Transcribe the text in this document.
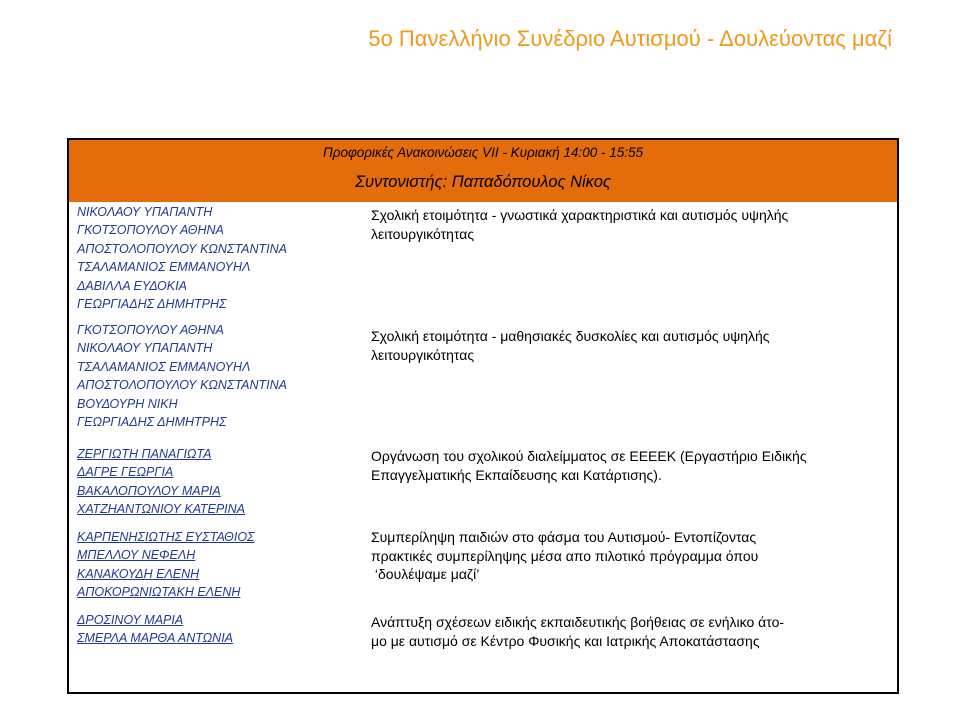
5ο Πανελλήνιο Συνέδριο Αυτισμού - Δουλεύοντας μαζί
Προφορικές Ανακοινώσεις VII - Κυριακή 14:00 - 15:55
Συντονιστής: Παπαδόπουλος Νίκος
ΝΙΚΟΛΑΟΥ ΥΠΑΠΑΝΤΗ
ΓΚΟΤΣΟΠΟΥΛΟΥ ΑΘΗΝΑ
ΑΠΟΣΤΟΛΟΠΟΥΛΟΥ ΚΩΝΣΤΑΝΤΙΝΑ
ΤΣΑΛΑΜΑΝΙΟΣ ΕΜΜΑΝΟΥΗΛ
ΔΑΒΙΛΛΑ ΕΥΔΟΚΙΑ
ΓΕΩΡΓΙΑΔΗΣ ΔΗΜΗΤΡΗΣ
Σχολική ετοιμότητα - γνωστικά χαρακτηριστικά και αυτισμός υψηλής
λειτουργικότητας
ΓΚΟΤΣΟΠΟΥΛΟΥ ΑΘΗΝΑ
ΝΙΚΟΛΑΟΥ ΥΠΑΠΑΝΤΗ
ΤΣΑΛΑΜΑΝΙΟΣ ΕΜΜΑΝΟΥΗΛ
ΑΠΟΣΤΟΛΟΠΟΥΛΟΥ ΚΩΝΣΤΑΝΤΙΝΑ
ΒΟΥΔΟΥΡΗ ΝΙΚΗ
ΓΕΩΡΓΙΑΔΗΣ ΔΗΜΗΤΡΗΣ
Σχολική ετοιμότητα - μαθησιακές δυσκολίες και αυτισμός υψηλής
λειτουργικότητας
ΖΕΡΓΙΩΤΗ ΠΑΝΑΓΙΩΤΑ
ΔΑΓΡΕ ΓΕΩΡΓΙΑ
ΒΑΚΑΛΟΠΟΥΛΟΥ ΜΑΡΙΑ
ΧΑΤΖΗΑΝΤΩΝΙΟΥ ΚΑΤΕΡΙΝΑ
Οργάνωση του σχολικού διαλείμματος σε ΕΕΕΕΚ (Εργαστήριο Ειδικής
Επαγγελματικής Εκπαίδευσης και Κατάρτισης).
ΚΑΡΠΕΝΗΣΙΩΤΗΣ ΕΥΣΤΑΘΙΟΣ
ΜΠΕΛΛΟΥ ΝΕΦΕΛΗ
ΚΑΝΑΚΟΥΔΗ ΕΛΕΝΗ
ΑΠΟΚΟΡΩΝΙΩΤΑΚΗ ΕΛΕΝΗ
Συμπερίληψη παιδιών στο φάσμα του Αυτισμού- Εντοπίζοντας
πρακτικές συμπερίληψης μέσα απο πιλοτικό πρόγραμμα όπου
‘δουλέψαμε μαζί’
ΔΡΟΣΙΝΟΥ ΜΑΡΙΑ
ΣΜΕΡΛΑ ΜΑΡΘΑ ΑΝΤΩΝΙΑ
Ανάπτυξη σχέσεων ειδικής εκπαιδευτικής βοήθειας σε ενήλικο άτο-
μο με αυτισμό σε Κέντρο Φυσικής και Ιατρικής Αποκατάστασης
